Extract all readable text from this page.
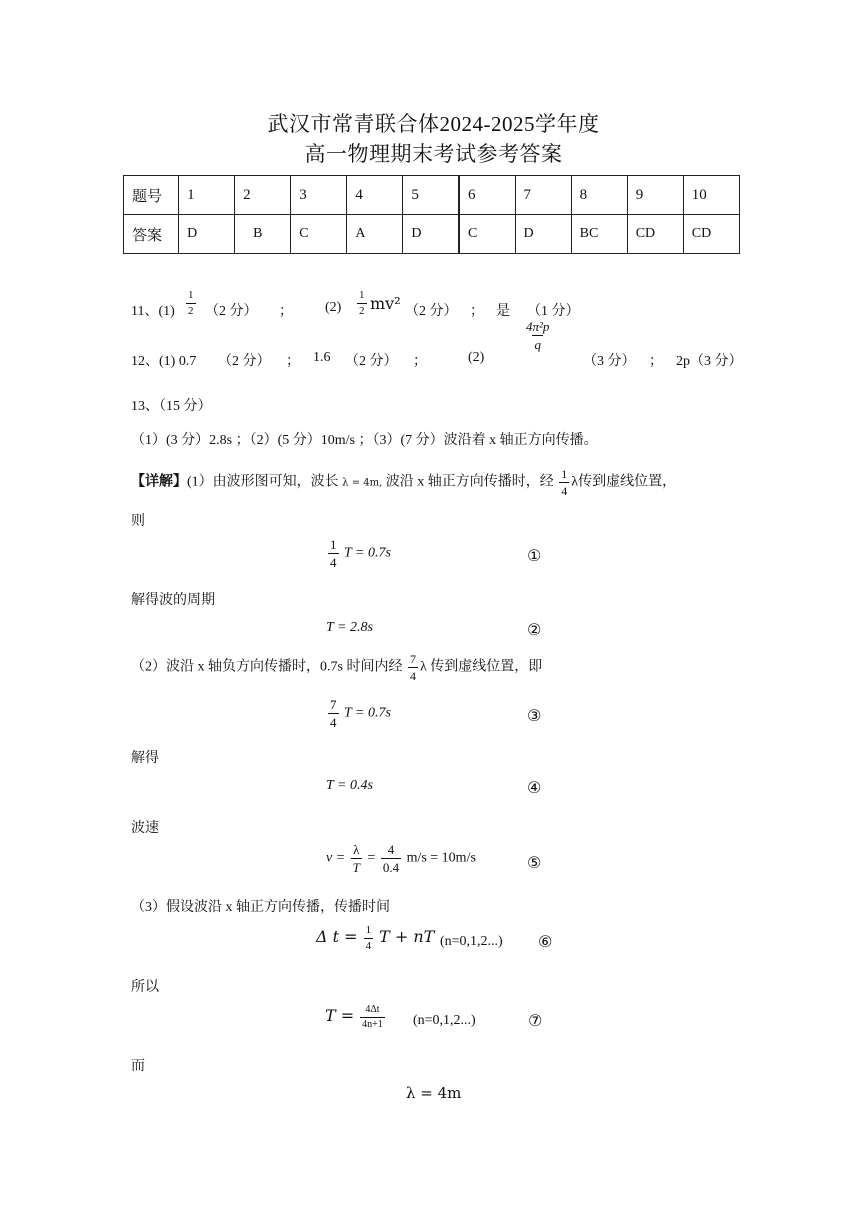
武汉市常青联合体2024-2025学年度
高一物理期末考试参考答案
题号	1	2	3	4	5	6	7	8	9	10
答案	D	B	C	A	D	C	D	BC	CD	CD
11、$(1) \frac{1}{2} (2$ 分） ； $(2) \frac{1}{2} mv^2$ （2 分） ； 是 （1 分）
12、(1) 0.7 （2 分） ； 1.6 （2 分） ；	(2)
$\frac{\text{4π²p}}{q}$
（3 分） ； 2p（3 分）
13、（15 分）
（1）(3 分）2.8s ；（2）(5 分）10m/s ；（3）(7 分）波沿着 x 轴正方向传播。
【详解】(1）由波形图可知，波长 λ = 4m, 波沿 x 轴正方向传播时，经 $\frac{1}{4}$ λ传到虚线位置，
则
$\frac{1}{4}$ T = 0.7s	①
解得波的周期
T = 2.8s	②
（2）波沿 x 轴负方向传播时，0.7s 时间内经 $\frac{7}{4}$ λ 传到虚线位置，即
$\frac{7}{4}$ T = 0.7s	③
解得
T = 0.4s	④
波速
$v = \frac{\lambda}{T} = \frac{4}{0.4} m/s = 10m/s$	⑤
（3）假设波沿 x 轴正方向传播，传播时间
Δ $t = \frac{1}{4}$ T + nT (n=0,1,2...) ⑥
所以
$T = \frac{4\Delta t}{4n+1} (n=0,1,2...)$	⑦
而
λ = 4m
